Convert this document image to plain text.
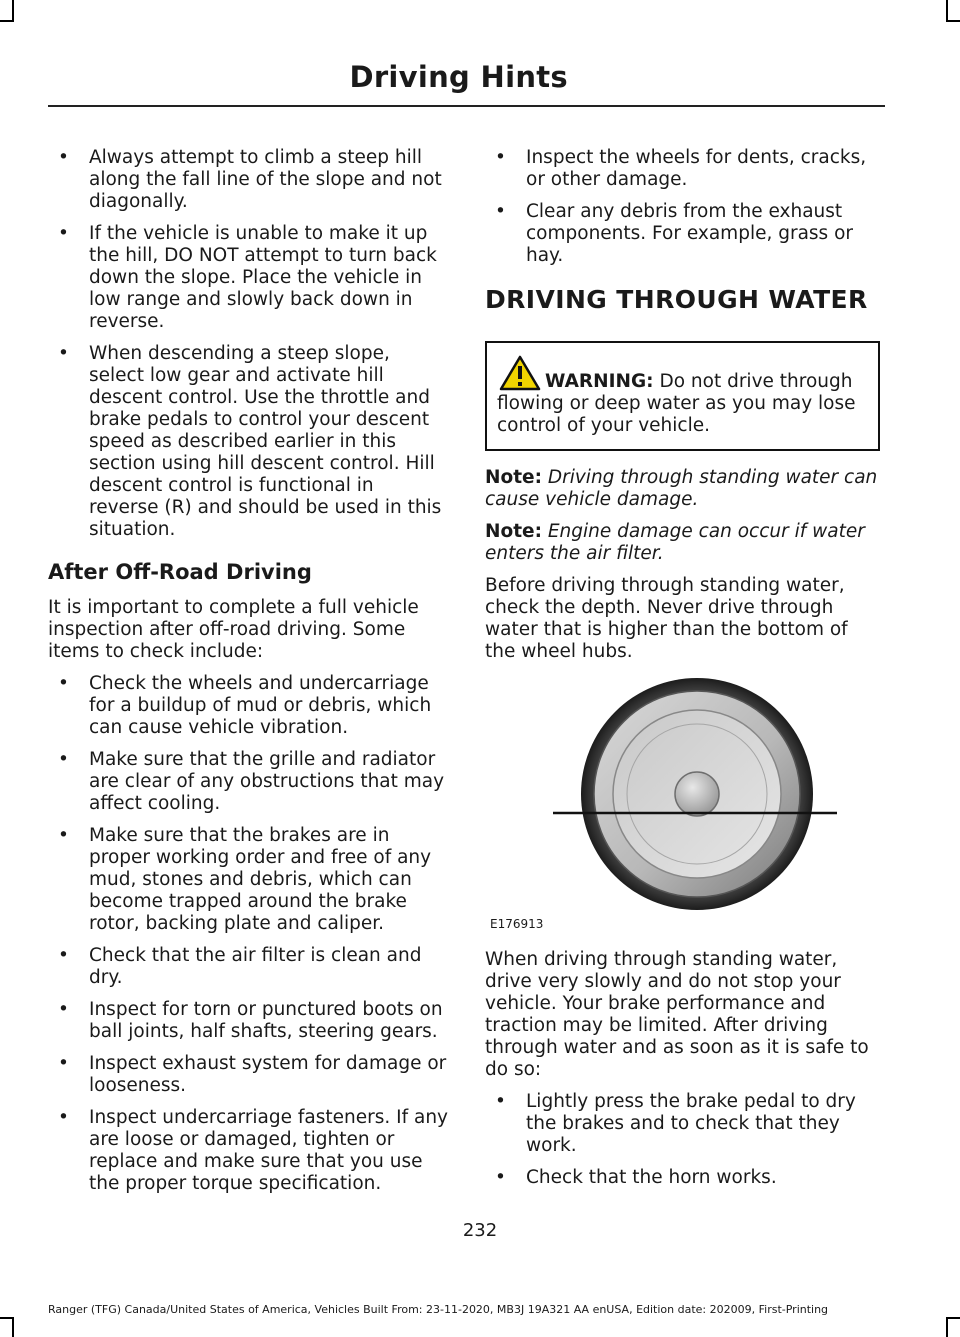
Driving Hints
• Always attempt to climb a steep hill along the fall line of the slope and not diagonally.
• If the vehicle is unable to make it up the hill, DO NOT attempt to turn back down the slope. Place the vehicle in low range and slowly back down in reverse.
• When descending a steep slope, select low gear and activate hill descent control. Use the throttle and brake pedals to control your descent speed as described earlier in this section using hill descent control. Hill descent control is functional in reverse (R) and should be used in this situation.
After Off-Road Driving

It is important to complete a full vehicle inspection after off-road driving. Some items to check include:

• Check the wheels and undercarriage for a buildup of mud or debris, which can cause vehicle vibration.
• Make sure that the grille and radiator are clear of any obstructions that may affect cooling.
• Make sure that the brakes are in proper working order and free of any mud, stones and debris, which can become trapped around the brake rotor, backing plate and caliper.
• Check that the air filter is clean and dry.
• Inspect for torn or punctured boots on ball joints, half shafts, steering gears.
• Inspect exhaust system for damage or looseness.
• Inspect undercarriage fasteners. If any are loose or damaged, tighten or replace and make sure that you use the proper torque specification.
• Inspect the wheels for dents, cracks, or other damage.
• Clear any debris from the exhaust components. For example, grass or hay.
DRIVING THROUGH WATER
WARNING: Do not drive through flowing or deep water as you may lose control of your vehicle.

Note: Driving through standing water can cause vehicle damage.

Note: Engine damage can occur if water enters the air filter.

Before driving through standing water, check the depth. Never drive through water that is higher than the bottom of the wheel hubs.

E176913

When driving through standing water, drive very slowly and do not stop your vehicle. Your brake performance and traction may be limited. After driving through water and as soon as it is safe to do so:

• Lightly press the brake pedal to dry the brakes and to check that they work.
• Check that the horn works.
232
Ranger (TFG) Canada/United States of America, Vehicles Built From: 23-11-2020, MB3J 19A321 AA enUSA, Edition date: 202009, First-Printing
